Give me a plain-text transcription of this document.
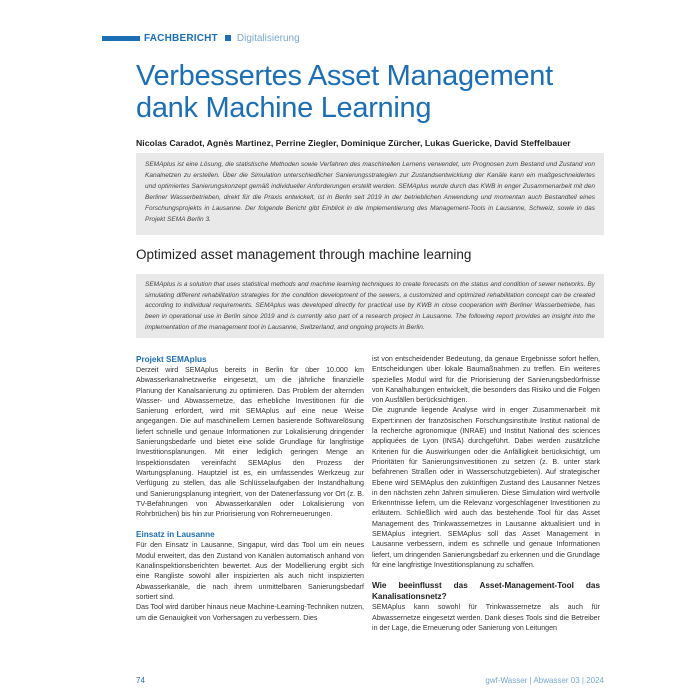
FACHBERICHT Digitalisierung
Verbessertes Asset Management
dank Machine Learning
Nicolas Caradot, Agnès Martinez, Perrine Ziegler, Dominique Zürcher, Lukas Guericke, David Steffelbauer
SEMAplus ist eine Lösung, die statistische Methoden sowie Verfahren des maschinellen Lernens verwendet, um Prognosen zum Bestand und Zustand von Kanalnetzen zu erstellen. Über die Simulation unterschiedlicher Sanierungsstrategien zur Zustandsentwicklung der Kanäle kann ein maßgeschneidertes und optimiertes Sanierungskonzept gemäß individueller Anforderungen erstellt werden. SEMAplus wurde durch das KWB in enger Zusammenarbeit mit den Berliner Wasserbetrieben, direkt für die Praxis entwickelt, ist in Berlin seit 2019 in der betrieblichen Anwendung und momentan auch Bestandteil eines Forschungsprojekts in Lausanne. Der folgende Bericht gibt Einblick in die Implementierung des Management-Tools in Lausanne, Schweiz, sowie in das Projekt SEMA Berlin 3.
Optimized asset management through machine learning
SEMAplus is a solution that uses statistical methods and machine learning techniques to create forecasts on the status and condition of sewer networks. By simulating different rehabilitation strategies for the condition development of the sewers, a customized and optimized rehabilitation concept can be created according to individual requirements. SEMAplus was developed directly for practical use by KWB in close cooperation with Berliner Wasserbetriebe, has been in operational use in Berlin since 2019 and is currently also part of a research project in Lausanne. The following report provides an insight into the implementation of the management tool in Lausanne, Switzerland, and ongoing projects in Berlin.
Projekt SEMAplus

Derzeit wird SEMAplus bereits in Berlin für über 10.000 km Abwasserkanalnetzwerke eingesetzt, um die jährliche finanzielle Planung der Kanalsanierung zu optimieren. Das Problem der alternden Wasser- und Abwassernetze, das erhebliche Investitionen für die Sanierung erfordert, wird mit SEMAplus auf eine neue Weise angegangen. Die auf maschinellem Lernen basierende Softwarelösung liefert schnelle und genaue Informationen zur Lokalisierung dringender Sanierungsbedarfe und bietet eine solide Grundlage für langfristige Investitionsplanungen. Mit einer lediglich geringen Menge an Inspektionsdaten vereinfacht SEMAplus den Prozess der Wartungsplanung. Hauptziel ist es, ein umfassendes Werkzeug zur Verfügung zu stellen, das alle Schlüsselaufgaben der Instandhaltung und Sanierungsplanung integriert, von der Datenerfassung vor Ort (z. B. TV-Befahrungen von Abwasserkanälen oder Lokalisierung von Rohrbrüchen) bis hin zur Priorisierung von Rohrerneuerungen.

Einsatz in Lausanne

Für den Einsatz in Lausanne, Singapur, wird das Tool um ein neues Modul erweitert, das den Zustand von Kanälen automatisch anhand von Kanalinspektionsberichten bewertet. Aus der Modellierung ergibt sich eine Rangliste sowohl aller inspizierten als auch nicht inspizierten Abwasserkanäle, die nach ihrem unmittelbaren Sanierungsbedarf sortiert sind.

Das Tool wird darüber hinaus neue Machine-Learning-Techniken nutzen, um die Genauigkeit von Vorhersagen zu verbessern. Dies

ist von entscheidender Bedeutung, da genaue Ergebnisse sofort helfen, Entscheidungen über lokale Baumaßnahmen zu treffen. Ein weiteres spezielles Modul wird für die Priorisierung der Sanierungsbedürfnisse von Kanalhaltungen entwickelt, die besonders das Risiko und die Folgen von Ausfällen berücksichtigen.

Die zugrunde liegende Analyse wird in enger Zusammenarbeit mit Expert:innen der französischen Forschungsinstitute Institut national de la recherche agronomique (INRAE) und Institut National des sciences appliquées de Lyon (INSA) durchgeführt. Dabei werden zusätzliche Kriterien für die Auswirkungen oder die Anfälligkeit berücksichtigt, um Prioritäten für Sanierungsinvestitionen zu setzen (z. B. unter stark befahrenen Straßen oder in Wasserschutzgebieten). Auf strategischer Ebene wird SEMAplus den zukünftigen Zustand des Lausanner Netzes in den nächsten zehn Jahren simulieren. Diese Simulation wird wertvolle Erkenntnisse liefern, um die Relevanz vorgeschlagener Investitionen zu erläutern. Schließlich wird auch das bestehende Tool für das Asset Management des Trinkwassernetzes in Lausanne aktualisiert und in SEMAplus integriert. SEMAplus soll das Asset Management in Lausanne verbessern, indem es schnelle und genaue Informationen liefert, um dringenden Sanierungsbedarf zu erkennen und die Grundlage für eine langfristige Investitionsplanung zu schaffen.

Wie beeinflusst das Asset-Management-Tool das Kanalisationsnetz?

SEMAplus kann sowohl für Trinkwassernetze als auch für Abwassernetze eingesetzt werden. Dank dieses Tools sind die Betreiber in der Lage, die Erneuerung oder Sanierung von Leitungen

74	gwf-Wasser | Abwasser 03 | 2024
